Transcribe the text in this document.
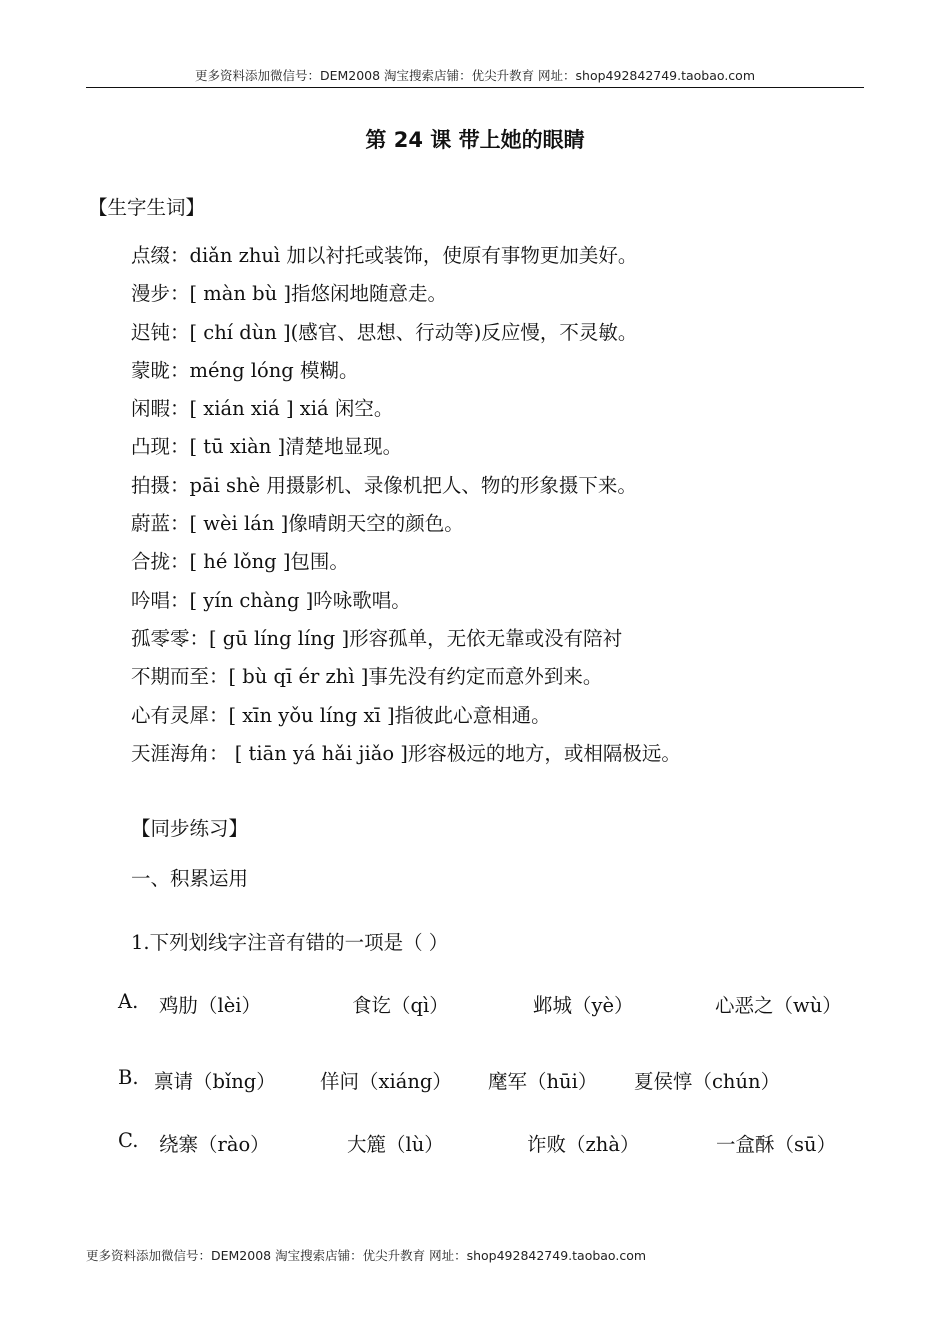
更多资料添加微信号：DEM2008 淘宝搜索店铺：优尖升教育 网址：shop492842749.taobao.com
第 24 课 带上她的眼睛
【生字生词】
点缀：diǎn zhuì 加以衬托或装饰，使原有事物更加美好。
漫步：[ màn bù ]指悠闲地随意走。
迟钝：[ chí dùn ](感官、思想、行动等)反应慢，不灵敏。
蒙昽：méng lóng 模糊。
闲暇：[ xián xiá ] xiá 闲空。
凸现：[ tū xiàn ]清楚地显现。
拍摄：pāi shè 用摄影机、录像机把人、物的形象摄下来。
蔚蓝：[ wèi lán ]像晴朗天空的颜色。
合拢：[ hé lǒng ]包围。
吟唱：[ yín chàng ]吟咏歌唱。
孤零零：[ gū líng líng ]形容孤单，无依无靠或没有陪衬
不期而至：[ bù qī ér zhì ]事先没有约定而意外到来。
心有灵犀：[ xīn yǒu líng xī ]指彼此心意相通。
天涯海角： [ tiān yá hǎi jiǎo ]形容极远的地方，或相隔极远。
【同步练习】
一、积累运用
1.下列划线字注音有错的一项是（ ）
A. 鸡肋（lèi）	食讫（qì）	邺城（yè）	心恶之（wù）
B. 禀请（bǐng） 佯问（xiáng） 麾军（hūi） 夏侯惇（chún）
C. 绕寨（rào）	大簏（lù）	诈败（zhà）	一盒酥（sū）
更多资料添加微信号：DEM2008 淘宝搜索店铺：优尖升教育 网址：shop492842749.taobao.com
